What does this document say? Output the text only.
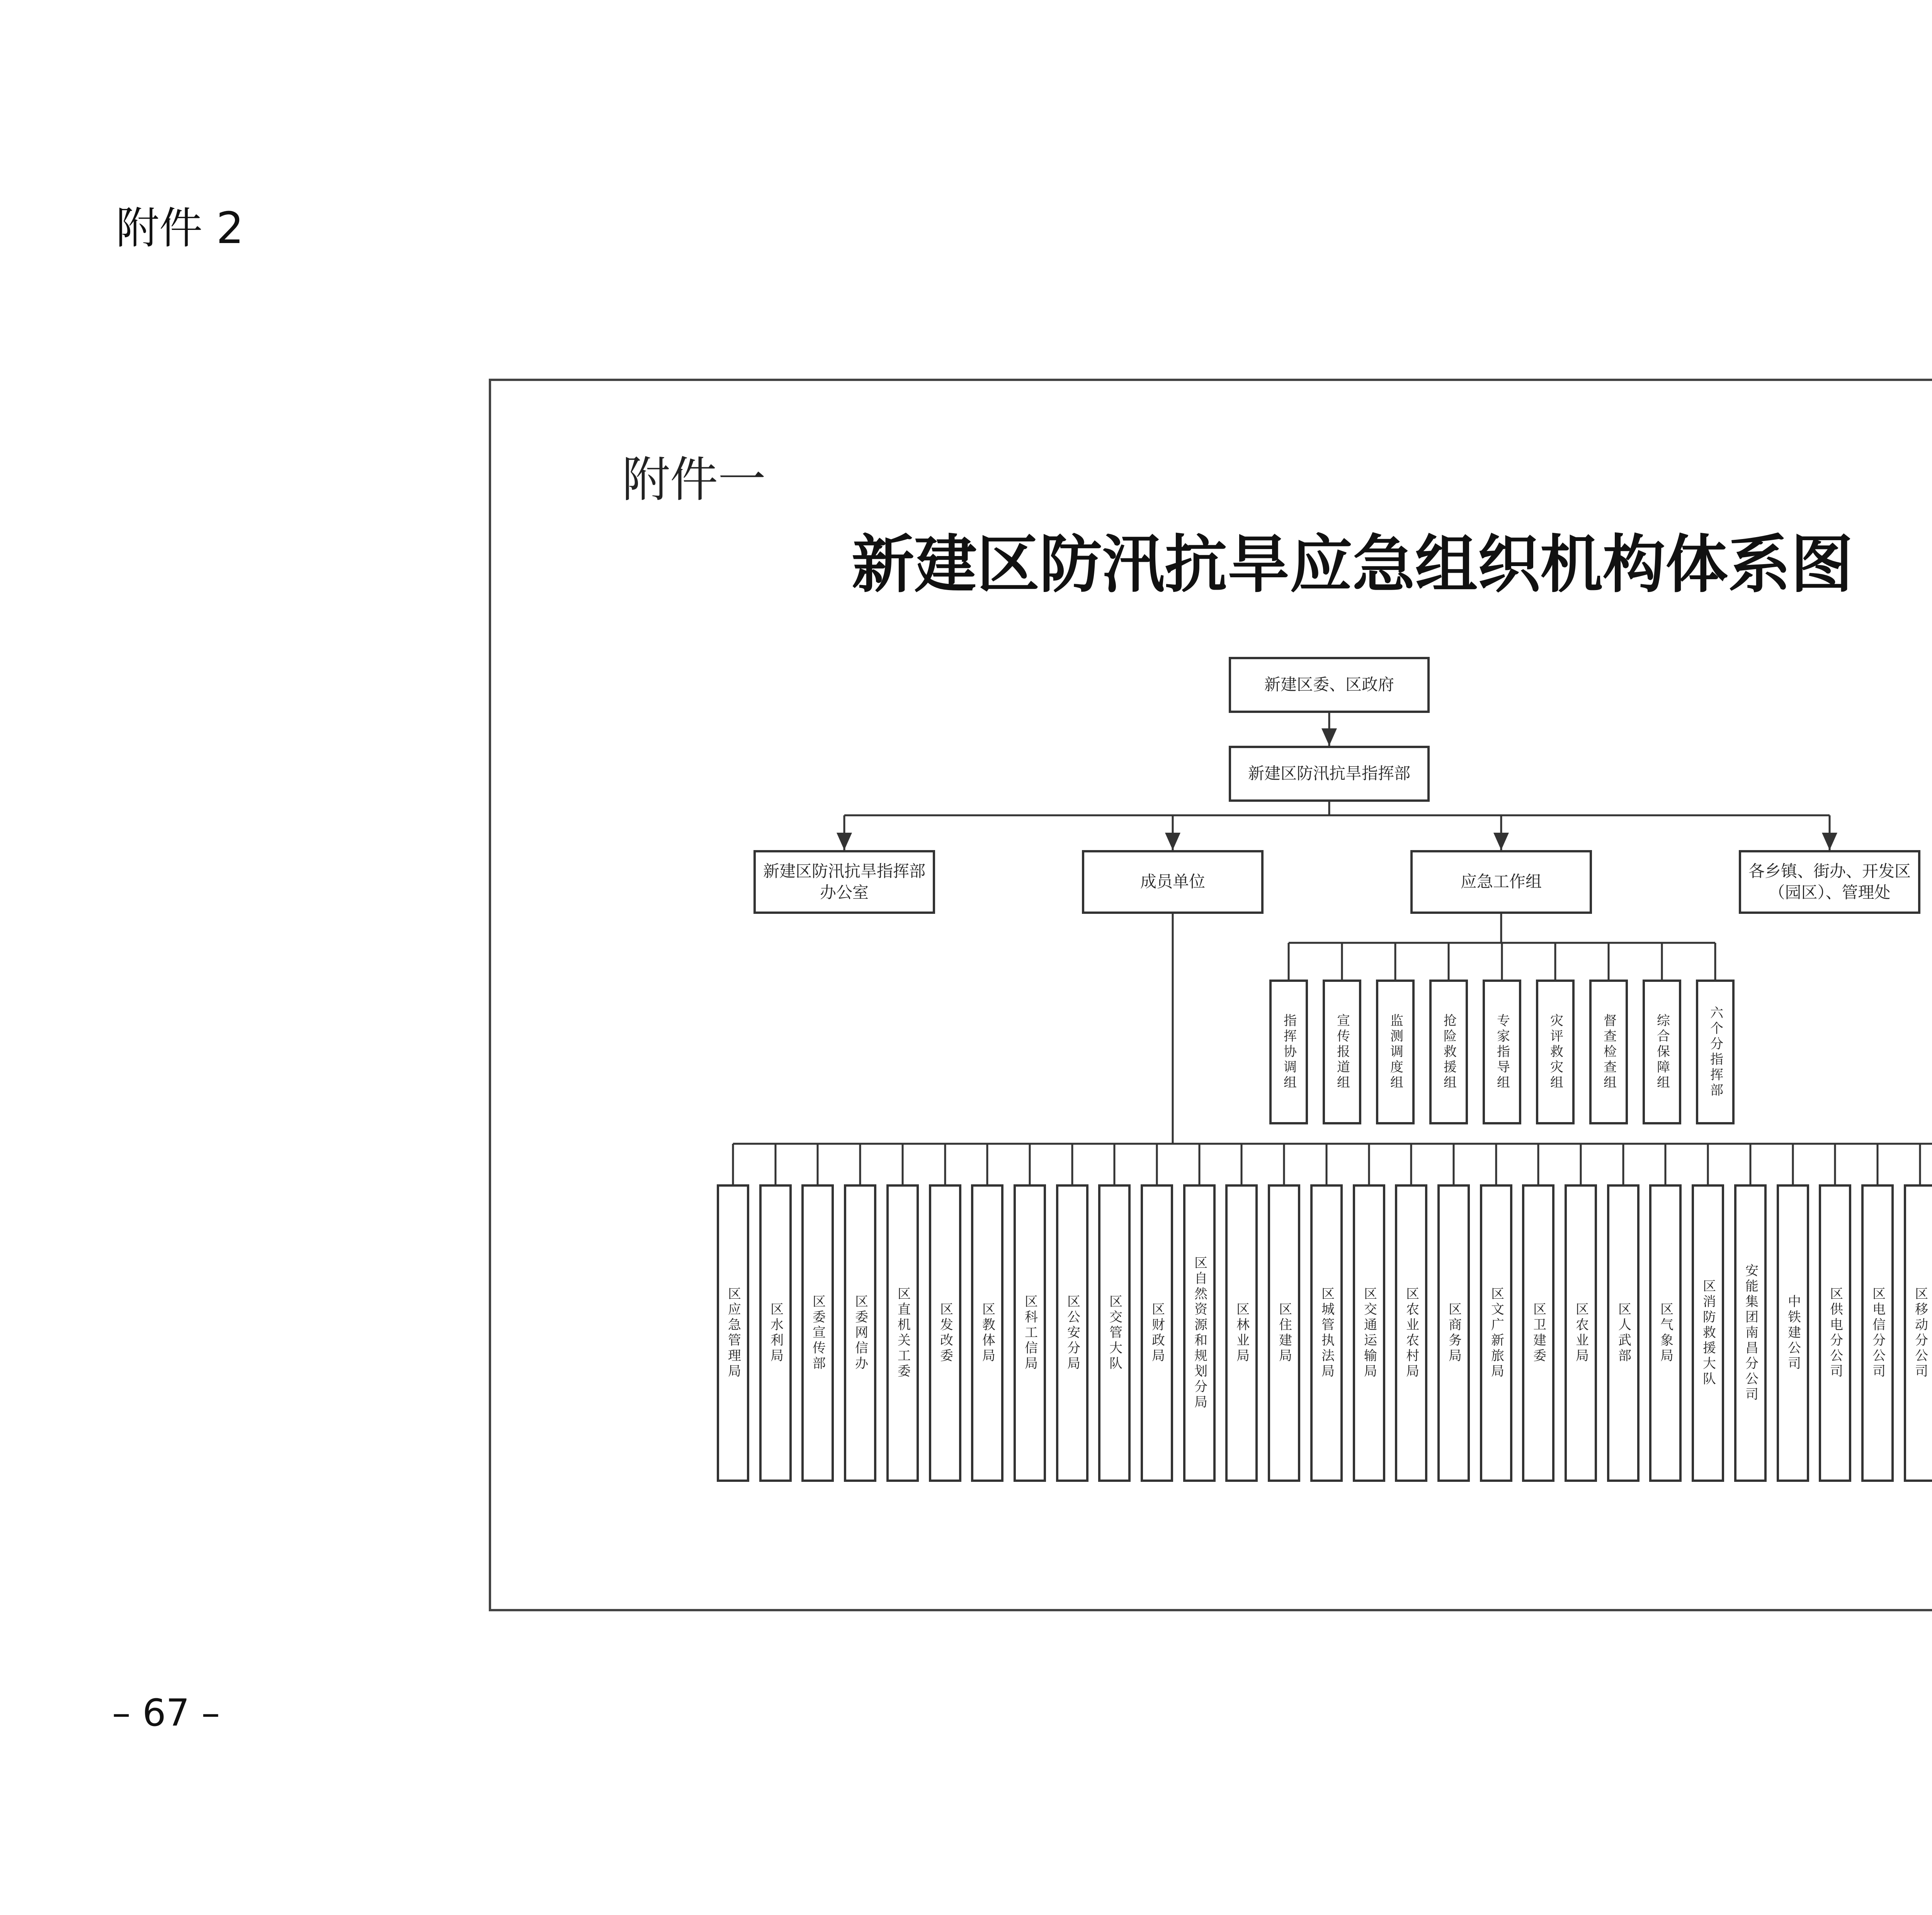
附件 2
附件一
新建区防汛抗旱应急组织机构体系图
新建区委、区政府
新建区防汛抗旱指挥部
新建区防汛抗旱指挥部办公室
成员单位	应急工作组
各乡镇、街办、开发区（园区）、管理处
指挥协调组	宣传报道组	监测调度组	抢险救援组	专家指导组	灾评救灾组	督查检查组	综合保障组	六个分指挥部
区应急管理局 区水利局 区委宣传部 区委网信办 区直机关工委 区发改委 区教体局 区科工信局 区公安分局 区交管大队 区财政局 区自然资源和规划分局 区林业局 区住建局 区城管执法局 区交通运输局 区农业农村局 区商务局 区文广新旅局 区卫建委 区农业局 区人武部 区气象局 区消防救援大队 安能集团南昌分公司 中铁建公司 区供电分公司 区电信分公司 区移动分公司
– 67 –
